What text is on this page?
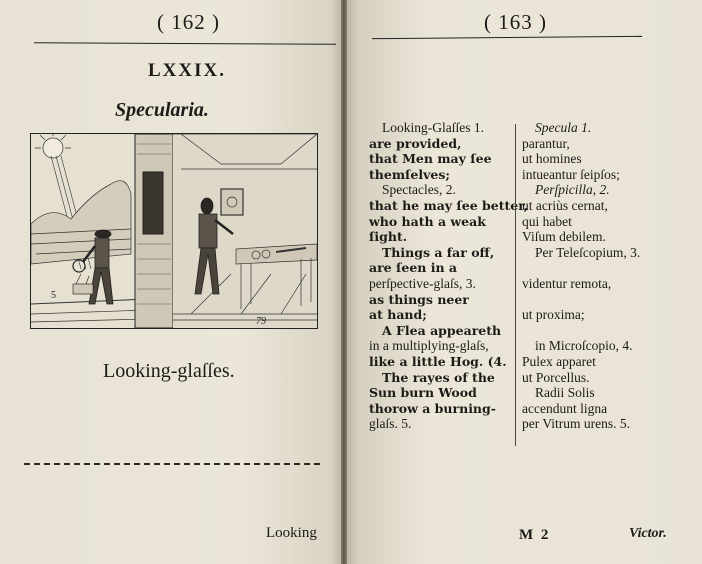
( 162 )
LXXIX.
Specularia.
5
79
Looking-glaſſes.
Looking
( 163 )
Looking-Glaſſes 1.
are provided,
that Men may ſee
themſelves;
Spectacles, 2.
that he may ſee better,
who hath a weak
ſight.
Things a far off,
are ſeen in a
perſpective-glaſs, 3.
as things neer
at hand;
A Flea appeareth
in a multiplying-glaſs,
like a little Hog. (4.
The rayes of the
Sun burn Wood
thorow a burning-
glaſs. 5.
Specula 1.
parantur,
ut homines
intueantur ſeipſos;
Perſpicilla, 2.
ut acriùs cernat,
qui habet
Viſum debilem.
Per Teleſcopium, 3.

videntur remota,

ut proxima;

in Microſcopio, 4.
Pulex apparet
ut Porcellus.
Radii Solis
accendunt ligna
per Vitrum urens. 5.
M 2	Victor.
